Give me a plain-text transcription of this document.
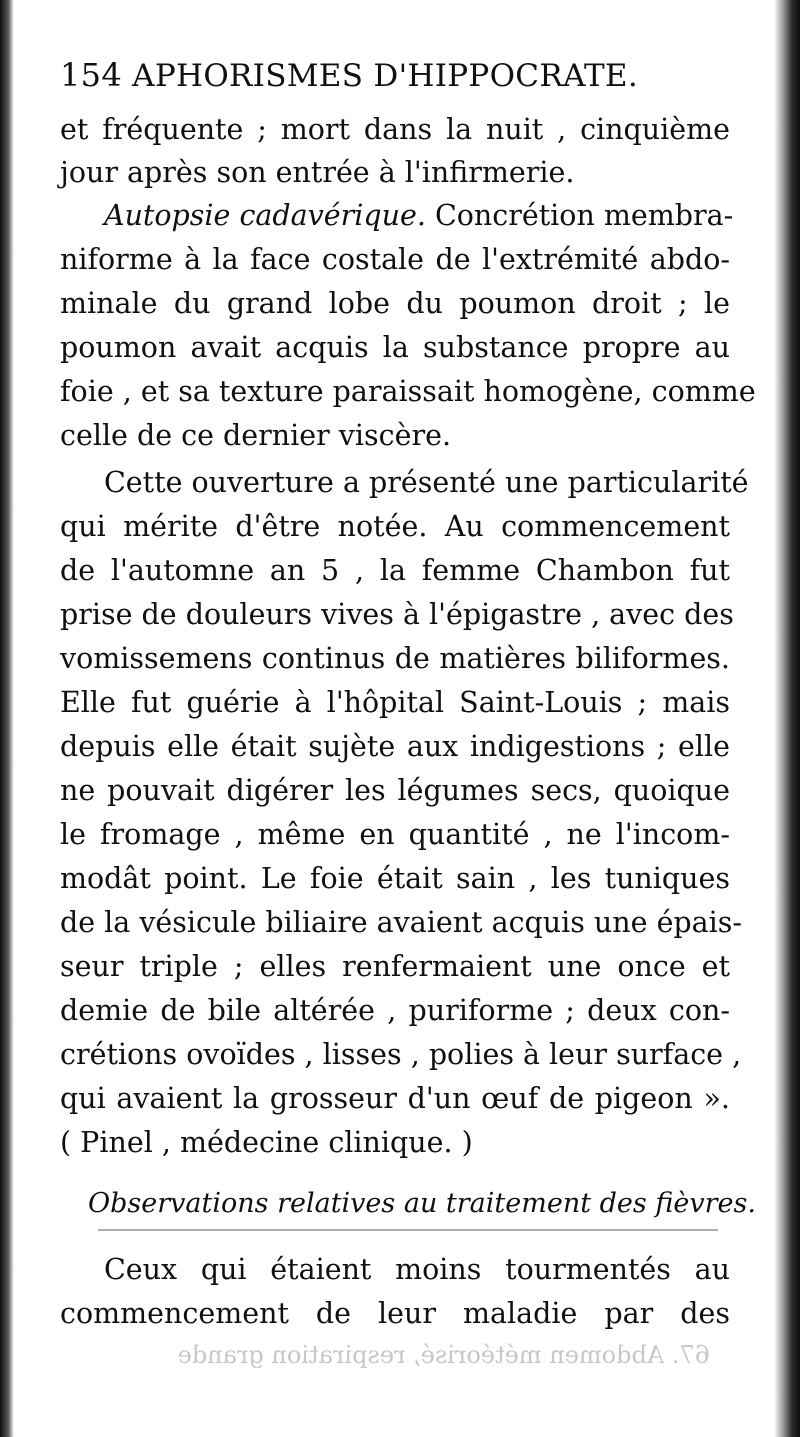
154 APHORISMES D'HIPPOCRATE.
et fréquente ; mort dans la nuit , cinquième
jour après son entrée à l'infirmerie.
Autopsie cadavérique. Concrétion membra-
niforme à la face costale de l'extrémité abdo-
minale du grand lobe du poumon droit ; le
poumon avait acquis la substance propre au
foie , et sa texture paraissait homogène, comme
celle de ce dernier viscère.
Cette ouverture a présenté une particularité
qui mérite d'être notée. Au commencement
de l'automne an 5 , la femme Chambon fut
prise de douleurs vives à l'épigastre , avec des
vomissemens continus de matières biliformes.
Elle fut guérie à l'hôpital Saint-Louis ; mais
depuis elle était sujète aux indigestions ; elle
ne pouvait digérer les légumes secs, quoique
le fromage , même en quantité , ne l'incom-
modât point. Le foie était sain , les tuniques
de la vésicule biliaire avaient acquis une épais-
seur triple ; elles renfermaient une once et
demie de bile altérée , puriforme ; deux con-
crétions ovoïdes , lisses , polies à leur surface ,
qui avaient la grosseur d'un œuf de pigeon ».
( Pinel , médecine clinique. )
Observations relatives au traitement des fièvres.
Ceux qui étaient moins tourmentés au
commencement de leur maladie par des
67. Abdomen météorisé, respiration grande
